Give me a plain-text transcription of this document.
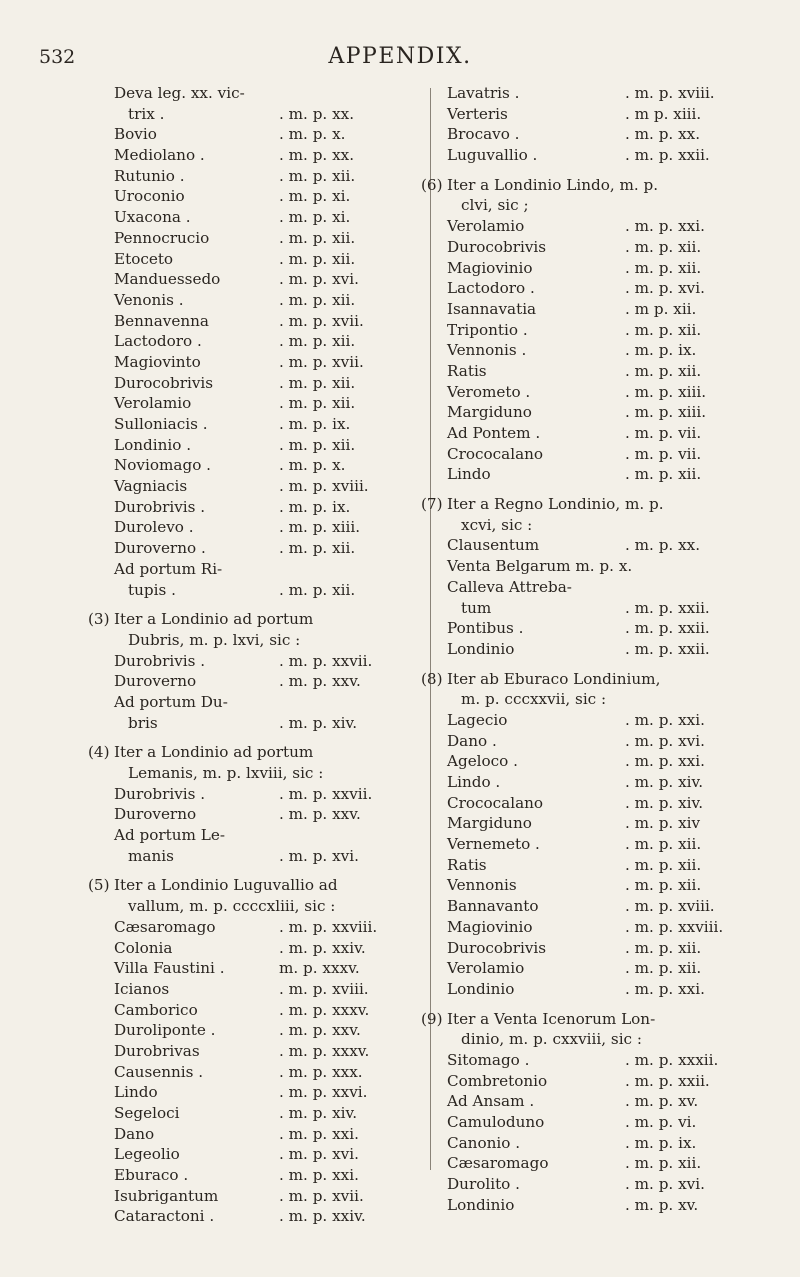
532	APPENDIX.
Deva leg. xx. vic-
trix .	. m. p. xx.
Bovio	. m. p. x.
Mediolano .	. m. p. xx.
Rutunio .	. m. p. xii.
Uroconio	. m. p. xi.
Uxacona .	. m. p. xi.
Pennocrucio	. m. p. xii.
Etoceto	. m. p. xii.
Manduessedo	. m. p. xvi.
Venonis .	. m. p. xii.
Bennavenna	. m. p. xvii.
Lactodoro .	. m. p. xii.
Magiovinto	. m. p. xvii.
Durocobrivis	. m. p. xii.
Verolamio	. m. p. xii.
Sulloniacis .	. m. p. ix.
Londinio .	. m. p. xii.
Noviomago .	. m. p. x.
Vagniacis	. m. p. xviii.
Durobrivis .	. m. p. ix.
Durolevo .	. m. p. xiii.
Duroverno .	. m. p. xii.
Ad portum Ri-
tupis .	. m. p. xii.
(3) Iter a Londinio ad portum
Dubris, m. p. lxvi, sic :
Durobrivis .	. m. p. xxvii.
Duroverno	. m. p. xxv.
Ad portum Du-
bris	. m. p. xiv.
(4) Iter a Londinio ad portum
Lemanis, m. p. lxviii, sic :
Durobrivis .	. m. p. xxvii.
Duroverno	. m. p. xxv.
Ad portum Le-
manis	. m. p. xvi.
(5) Iter a Londinio Luguvallio ad
vallum, m. p. ccccxliii, sic :
Cæsaromago	. m. p. xxviii.
Colonia	. m. p. xxiv.
Villa Faustini .	m. p. xxxv.
Icianos	. m. p. xviii.
Camborico	. m. p. xxxv.
Duroliponte .	. m. p. xxv.
Durobrivas	. m. p. xxxv.
Causennis .	. m. p. xxx.
Lindo	. m. p. xxvi.
Segeloci	. m. p. xiv.
Dano	. m. p. xxi.
Legeolio	. m. p. xvi.
Eburaco .	. m. p. xxi.
Isubrigantum	. m. p. xvii.
Cataractoni .	. m. p. xxiv.
Lavatris .	. m. p. xviii.
Verteris	. m p. xiii.
Brocavo .	. m. p. xx.
Luguvallio .	. m. p. xxii.
(6) Iter a Londinio Lindo, m. p.
clvi, sic ;
Verolamio	. m. p. xxi.
Durocobrivis	. m. p. xii.
Magiovinio	. m. p. xii.
Lactodoro .	. m. p. xvi.
Isannavatia	. m p. xii.
Tripontio .	. m. p. xii.
Vennonis .	. m. p. ix.
Ratis	. m. p. xii.
Verometo .	. m. p. xiii.
Margiduno	. m. p. xiii.
Ad Pontem .	. m. p. vii.
Crococalano	. m. p. vii.
Lindo	. m. p. xii.
(7) Iter a Regno Londinio, m. p.
xcvi, sic :
Clausentum	. m. p. xx.
Venta Belgarum m. p. x.
Calleva Attreba-
tum	. m. p. xxii.
Pontibus .	. m. p. xxii.
Londinio	. m. p. xxii.
(8) Iter ab Eburaco Londinium,
m. p. cccxxvii, sic :
Lagecio	. m. p. xxi.
Dano .	. m. p. xvi.
Ageloco .	. m. p. xxi.
Lindo .	. m. p. xiv.
Crococalano	. m. p. xiv.
Margiduno	. m. p. xiv
Vernemeto .	. m. p. xii.
Ratis	. m. p. xii.
Vennonis	. m. p. xii.
Bannavanto	. m. p. xviii.
Magiovinio	. m. p. xxviii.
Durocobrivis	. m. p. xii.
Verolamio	. m. p. xii.
Londinio	. m. p. xxi.
(9) Iter a Venta Icenorum Lon-
dinio, m. p. cxxviii, sic :
Sitomago .	. m. p. xxxii.
Combretonio	. m. p. xxii.
Ad Ansam .	. m. p. xv.
Camuloduno	. m. p. vi.
Canonio .	. m. p. ix.
Cæsaromago	. m. p. xii.
Durolito .	. m. p. xvi.
Londinio	. m. p. xv.
